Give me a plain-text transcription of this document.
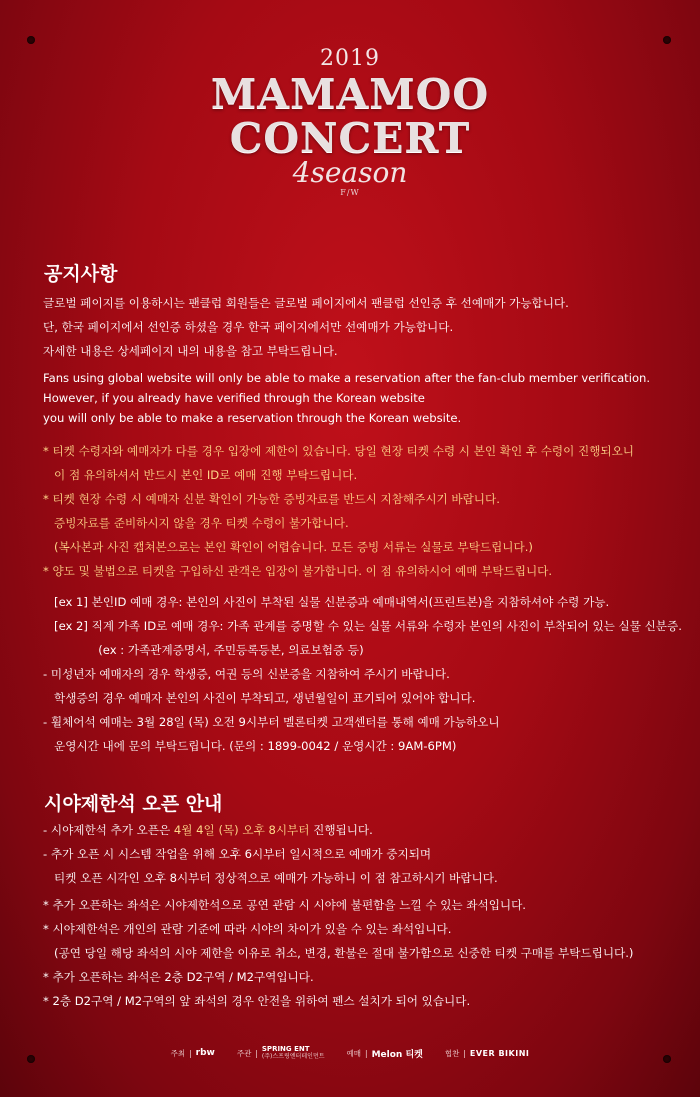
2019
MAMAMOO
CONCERT
4season
F/W
공지사항
글로벌 페이지를 이용하시는 팬클럽 회원들은 글로벌 페이지에서 팬클럽 선인증 후 선예매가 가능합니다.
단, 한국 페이지에서 선인증 하셨을 경우 한국 페이지에서만 선예매가 가능합니다.
자세한 내용은 상세페이지 내의 내용을 참고 부탁드립니다.
Fans using global website will only be able to make a reservation after the fan-club member verification.
However, if you already have verified through the Korean website
you will only be able to make a reservation through the Korean website.
* 티켓 수령자와 예매자가 다를 경우 입장에 제한이 있습니다. 당일 현장 티켓 수령 시 본인 확인 후 수령이 진행되오니
이 점 유의하셔서 반드시 본인 ID로 예매 진행 부탁드립니다.
* 티켓 현장 수령 시 예매자 신분 확인이 가능한 증빙자료를 반드시 지참해주시기 바랍니다.
증빙자료를 준비하시지 않을 경우 티켓 수령이 불가합니다.
(복사본과 사진 캡쳐본으로는 본인 확인이 어렵습니다. 모든 증빙 서류는 실물로 부탁드립니다.)
* 양도 및 불법으로 티켓을 구입하신 관객은 입장이 불가합니다. 이 점 유의하시어 예매 부탁드립니다.
[ex 1] 본인ID 예매 경우: 본인의 사진이 부착된 실물 신분증과 예매내역서(프린트본)을 지참하셔야 수령 가능.
[ex 2] 직계 가족 ID로 예매 경우: 가족 관계를 증명할 수 있는 실물 서류와 수령자 본인의 사진이 부착되어 있는 실물 신분증.
(ex : 가족관계증명서, 주민등록등본, 의료보험증 등)
- 미성년자 예매자의 경우 학생증, 여권 등의 신분증을 지참하여 주시기 바랍니다.
학생증의 경우 예매자 본인의 사진이 부착되고, 생년월일이 표기되어 있어야 합니다.
- 휠체어석 예매는 3월 28일 (목) 오전 9시부터 멜론티켓 고객센터를 통해 예매 가능하오니
운영시간 내에 문의 부탁드립니다. (문의 : 1899-0042 / 운영시간 : 9AM-6PM)
시야제한석 오픈 안내
- 시야제한석 추가 오픈은 4월 4일 (목) 오후 8시부터 진행됩니다.
- 추가 오픈 시 시스템 작업을 위해 오후 6시부터 일시적으로 예매가 중지되며
티켓 오픈 시각인 오후 8시부터 정상적으로 예매가 가능하니 이 점 참고하시기 바랍니다.
* 추가 오픈하는 좌석은 시야제한석으로 공연 관람 시 시야에 불편함을 느낄 수 있는 좌석입니다.
* 시야제한석은 개인의 관람 기준에 따라 시야의 차이가 있을 수 있는 좌석입니다.
(공연 당일 해당 좌석의 시야 제한을 이유로 취소, 변경, 환불은 절대 불가함으로 신중한 티켓 구매를 부탁드립니다.)
* 추가 오픈하는 좌석은 2층 D2구역 / M2구역입니다.
* 2층 D2구역 / M2구역의 앞 좌석의 경우 안전을 위하여 펜스 설치가 되어 있습니다.
주최 | rbw	주관 | SPRING ENT
(주)스프링엔터테인먼트	예매 | Melon 티켓	협찬 | EVER BIKINI
